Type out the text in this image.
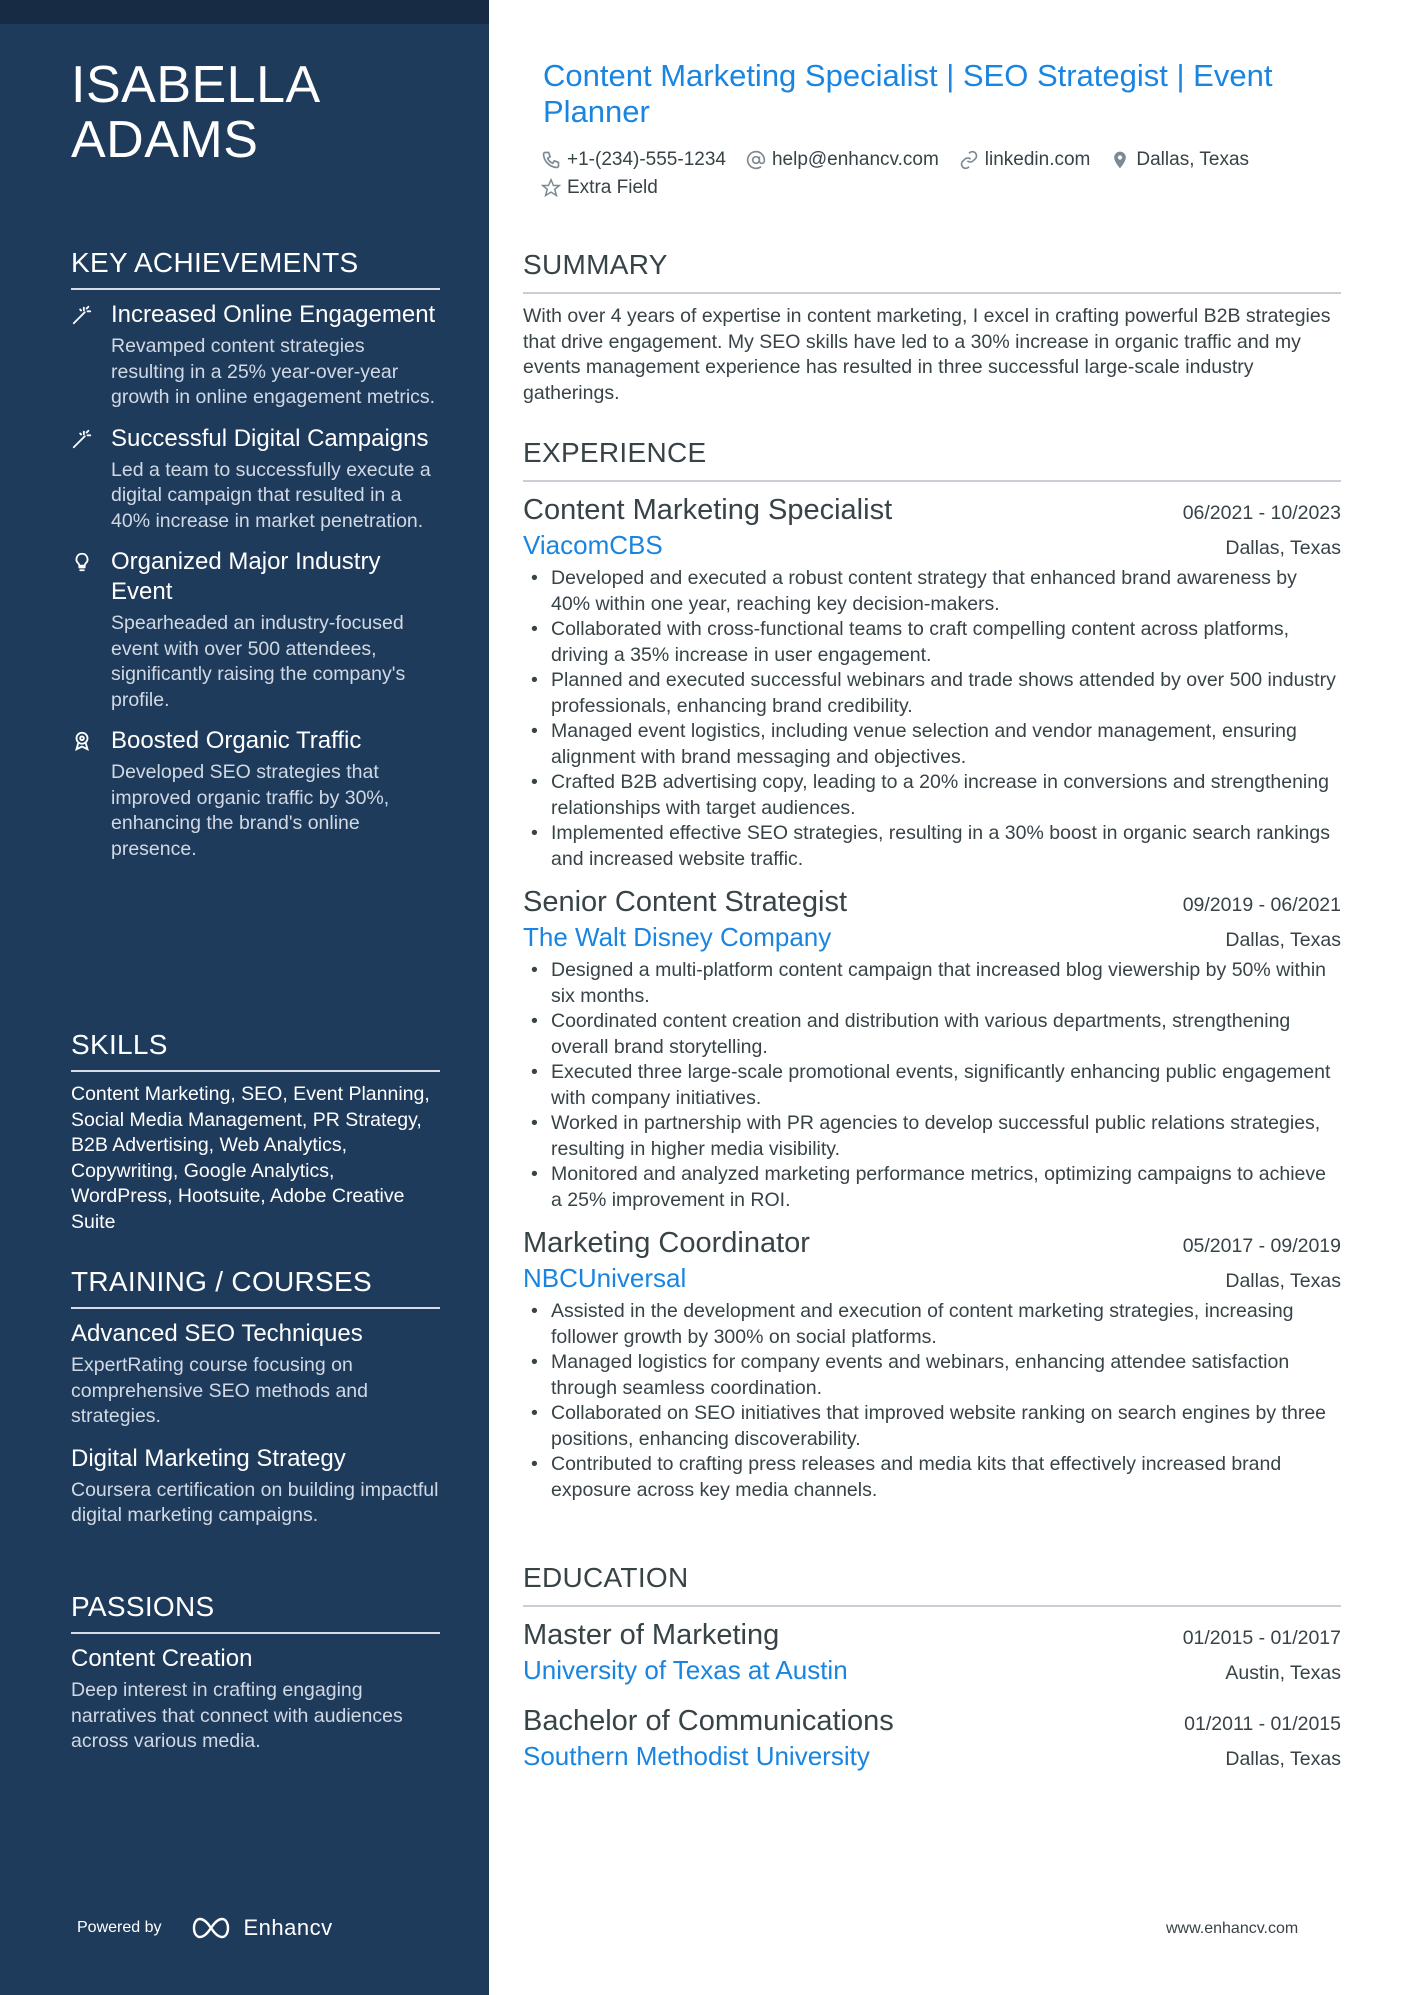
ISABELLA
ADAMS
KEY ACHIEVEMENTS
Increased Online Engagement
Revamped content strategies resulting in a 25% year-over-year growth in online engagement metrics.
Successful Digital Campaigns
Led a team to successfully execute a digital campaign that resulted in a 40% increase in market penetration.
Organized Major Industry Event
Spearheaded an industry-focused event with over 500 attendees, significantly raising the company's profile.
Boosted Organic Traffic
Developed SEO strategies that improved organic traffic by 30%, enhancing the brand's online presence.
SKILLS
Content Marketing, SEO, Event Planning, Social Media Management, PR Strategy, B2B Advertising, Web Analytics, Copywriting, Google Analytics, WordPress, Hootsuite, Adobe Creative Suite
TRAINING / COURSES
Advanced SEO Techniques
ExpertRating course focusing on comprehensive SEO methods and strategies.
Digital Marketing Strategy
Coursera certification on building impactful digital marketing campaigns.
PASSIONS
Content Creation
Deep interest in crafting engaging narratives that connect with audiences across various media.
Powered by	Enhancv
Content Marketing Specialist | SEO Strategist | Event Planner
+1-(234)-555-1234 help@enhancv.com linkedin.com Dallas, Texas
Extra Field
SUMMARY
With over 4 years of expertise in content marketing, I excel in crafting powerful B2B strategies that drive engagement. My SEO skills have led to a 30% increase in organic traffic and my events management experience has resulted in three successful large-scale industry gatherings.
EXPERIENCE
Content Marketing Specialist	06/2021 - 10/2023
ViacomCBS	Dallas, Texas
• Developed and executed a robust content strategy that enhanced brand awareness by 40% within one year, reaching key decision-makers.
• Collaborated with cross-functional teams to craft compelling content across platforms, driving a 35% increase in user engagement.
• Planned and executed successful webinars and trade shows attended by over 500 industry professionals, enhancing brand credibility.
• Managed event logistics, including venue selection and vendor management, ensuring alignment with brand messaging and objectives.
• Crafted B2B advertising copy, leading to a 20% increase in conversions and strengthening relationships with target audiences.
• Implemented effective SEO strategies, resulting in a 30% boost in organic search rankings and increased website traffic.
Senior Content Strategist	09/2019 - 06/2021
The Walt Disney Company	Dallas, Texas
• Designed a multi-platform content campaign that increased blog viewership by 50% within six months.
• Coordinated content creation and distribution with various departments, strengthening overall brand storytelling.
• Executed three large-scale promotional events, significantly enhancing public engagement with company initiatives.
• Worked in partnership with PR agencies to develop successful public relations strategies, resulting in higher media visibility.
• Monitored and analyzed marketing performance metrics, optimizing campaigns to achieve a 25% improvement in ROI.
Marketing Coordinator	05/2017 - 09/2019
NBCUniversal	Dallas, Texas
• Assisted in the development and execution of content marketing strategies, increasing follower growth by 300% on social platforms.
• Managed logistics for company events and webinars, enhancing attendee satisfaction through seamless coordination.
• Collaborated on SEO initiatives that improved website ranking on search engines by three positions, enhancing discoverability.
• Contributed to crafting press releases and media kits that effectively increased brand exposure across key media channels.
EDUCATION
Master of Marketing	01/2015 - 01/2017
University of Texas at Austin	Austin, Texas
Bachelor of Communications	01/2011 - 01/2015
Southern Methodist University	Dallas, Texas
www.enhancv.com
